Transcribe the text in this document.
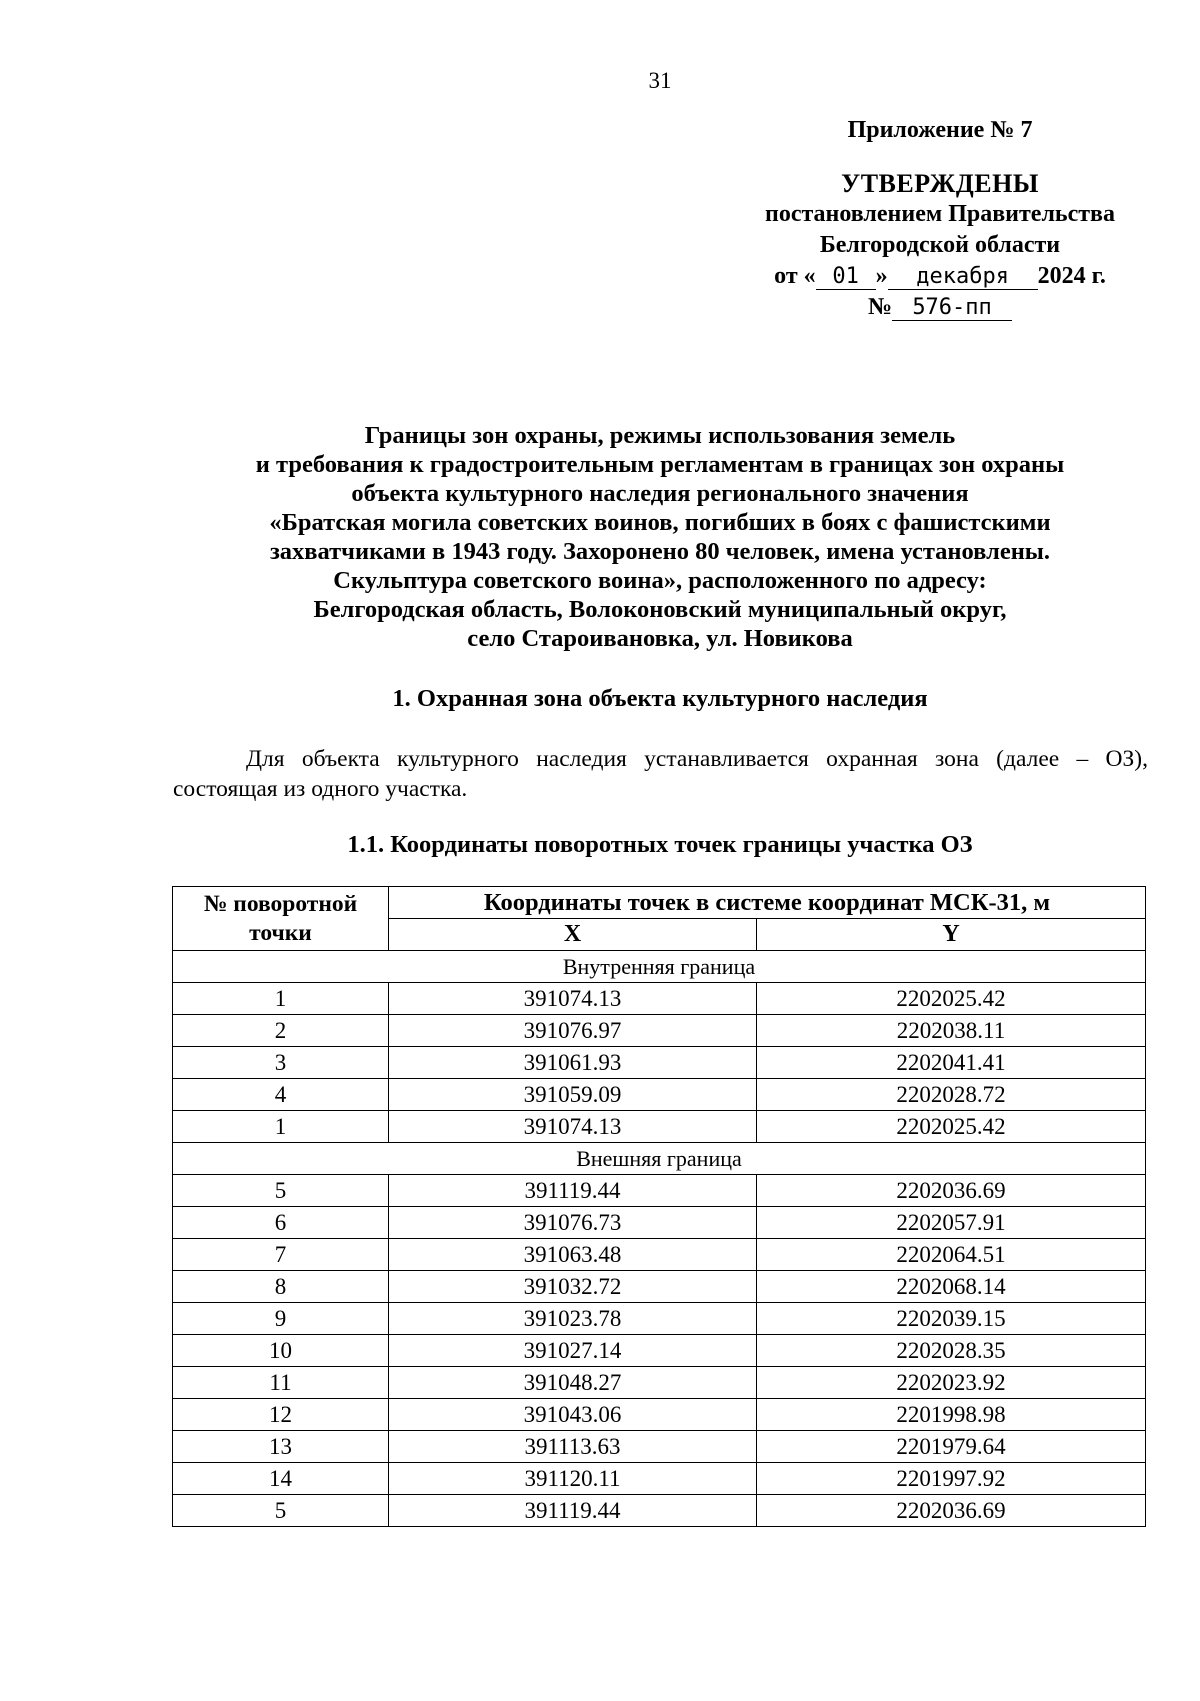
31
Приложение № 7
УТВЕРЖДЕНЫ
постановлением Правительства
Белгородской области
от « 01 » декабря 2024 г.
№ 576-пп
Границы зон охраны, режимы использования земель
и требования к градостроительным регламентам в границах зон охраны
объекта культурного наследия регионального значения
«Братская могила советских воинов, погибших в боях с фашистскими
захватчиками в 1943 году. Захоронено 80 человек, имена установлены.
Скульптура советского воина», расположенного по адресу:
Белгородская область, Волоконовский муниципальный округ,
село Староивановка, ул. Новикова
1. Охранная зона объекта культурного наследия
Для объекта культурного наследия устанавливается охранная зона (далее – ОЗ), состоящая из одного участка.
1.1. Координаты поворотных точек границы участка ОЗ
№ поворотной
точки	Координаты точек в системе координат МСК-31, м	
	X	Y
Внутренняя граница		
1	391074.13	2202025.42
2	391076.97	2202038.11
3	391061.93	2202041.41
4	391059.09	2202028.72
1	391074.13	2202025.42
Внешняя граница		
5	391119.44	2202036.69
6	391076.73	2202057.91
7	391063.48	2202064.51
8	391032.72	2202068.14
9	391023.78	2202039.15
10	391027.14	2202028.35
11	391048.27	2202023.92
12	391043.06	2201998.98
13	391113.63	2201979.64
14	391120.11	2201997.92
5	391119.44	2202036.69
